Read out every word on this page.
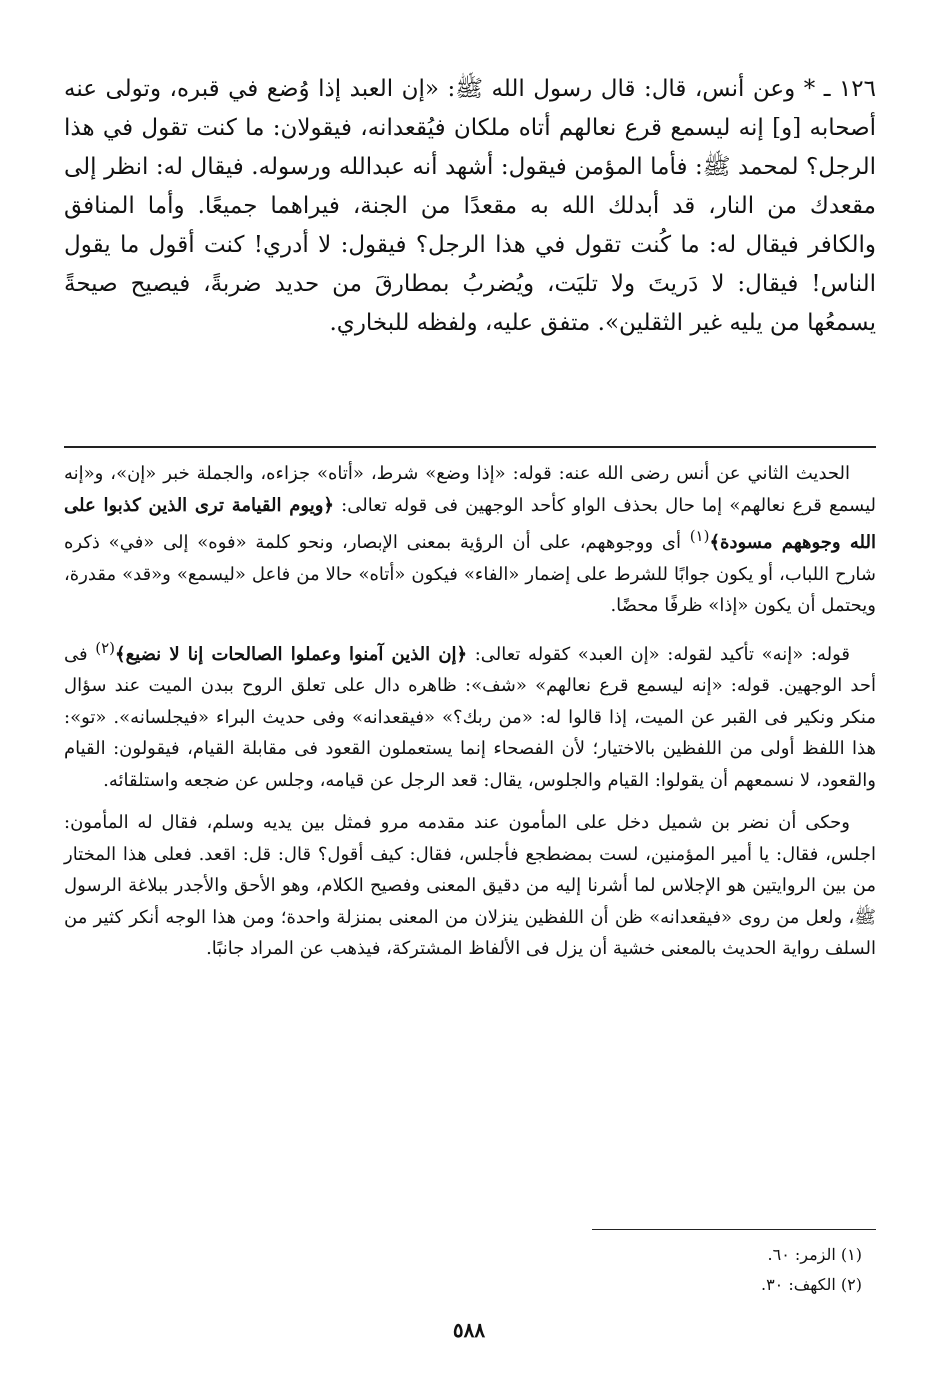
١٢٦ ـ * وعن أنس، قال: قال رسول الله ﷺ: «إن العبد إذا وُضع في قبره، وتولى عنه أصحابه [و] إنه ليسمع قرع نعالهم أتاه ملكان فيُقعدانه، فيقولان: ما كنت تقول في هذا الرجل؟ لمحمد ﷺ: فأما المؤمن فيقول: أشهد أنه عبدالله ورسوله. فيقال له: انظر إلى مقعدك من النار، قد أبدلك الله به مقعدًا من الجنة، فيراهما جميعًا. وأما المنافق والكافر فيقال له: ما كُنت تقول في هذا الرجل؟ فيقول: لا أدري! كنت أقول ما يقول الناس! فيقال: لا دَريتَ ولا تليَت، ويُضربُ بمطارقَ من حديد ضربةً، فيصيح صيحةً يسمعُها من يليه غير الثقلين». متفق عليه، ولفظه للبخاري.

الحديث الثاني عن أنس رضى الله عنه: قوله: «إذا وضع» شرط، «أتاه» جزاءه، والجملة خبر «إن»، و«إنه ليسمع قرع نعالهم» إما حال بحذف الواو كأحد الوجهين فى قوله تعالى: ﴿ويوم القيامة ترى الذين كذبوا على الله وجوههم مسودة﴾$^{(١)}$ أى ووجوههم، على أن الرؤية بمعنى الإبصار، ونحو كلمة «فوه» إلى «في» ذكره شارح اللباب، أو يكون جوابًا للشرط على إضمار «الفاء» فيكون «أتاه» حالا من فاعل «ليسمع» و«قد» مقدرة، ويحتمل أن يكون «إذا» ظرفًا محضًا.

قوله: «إنه» تأكيد لقوله: «إن العبد» كقوله تعالى: ﴿إن الذين آمنوا وعملوا الصالحات إنا لا نضيع﴾$^{(٢)}$ فى أحد الوجهين. قوله: «إنه ليسمع قرع نعالهم» «شف»: ظاهره دال على تعلق الروح ببدن الميت عند سؤال منكر ونكير فى القبر عن الميت، إذا قالوا له: «من ربك؟» «فيقعدانه» وفى حديث البراء «فيجلسانه». «تو»: هذا اللفظ أولى من اللفظين بالاختيار؛ لأن الفصحاء إنما يستعملون القعود فى مقابلة القيام، فيقولون: القيام والقعود، لا نسمعهم أن يقولوا: القيام والجلوس، يقال: قعد الرجل عن قيامه، وجلس عن ضجعه واستلقائه.

وحكى أن نضر بن شميل دخل على المأمون عند مقدمه مرو فمثل بين يديه وسلم، فقال له المأمون: اجلس، فقال: يا أمير المؤمنين، لست بمضطجع فأجلس، فقال: كيف أقول؟ قال: قل: اقعد. فعلى هذا المختار من بين الروايتين هو الإجلاس لما أشرنا إليه من دقيق المعنى وفصيح الكلام، وهو الأحق والأجدر ببلاغة الرسول ﷺ، ولعل من روى «فيقعدانه» ظن أن اللفظين ينزلان من المعنى بمنزلة واحدة؛ ومن هذا الوجه أنكر كثير من السلف رواية الحديث بالمعنى خشية أن يزل فى الألفاظ المشتركة، فيذهب عن المراد جانبًا.

(١) الزمر: ٦٠.
(٢) الكهف: ٣٠.
٥٨٨
